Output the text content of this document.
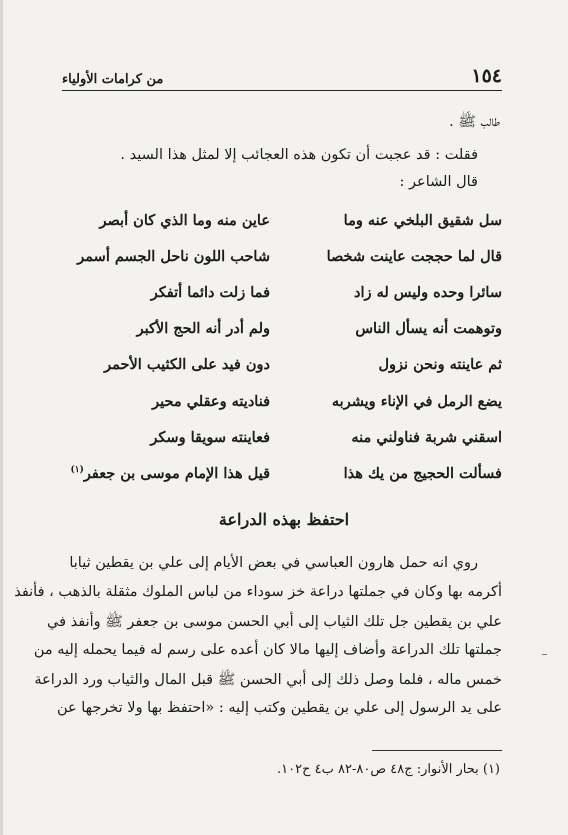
١٥٤
من كرامات الأولياء
طالب ﷺ .
فقلت : قد عجبت أن تكون هذه العجائب إلا لمثل هذا السيد .
قال الشاعر :
سل شقيق البلخي عنه وما
عاين منه وما الذي كان أبصر
قال لما حججت عاينت شخصا
شاحب اللون ناحل الجسم أسمر
سائرا وحده وليس له زاد
فما زلت دائما أتفكر
وتوهمت أنه يسأل الناس
ولم أدر أنه الحج الأكبر
ثم عاينته ونحن نزول
دون فيد على الكثيب الأحمر
يضع الرمل في الإناء ويشربه
فناديته وعقلي محير
اسقني شربة فناولني منه
فعاينته سويقا وسكر
فسألت الحجيج من يك هذا
قيل هذا الإمام موسى بن جعفر$^{(١)}$
احتفظ بهذه الدراعة
روي انه حمل هارون العباسي في بعض الأيام إلى علي بن يقطين ثيابا
أكرمه بها وكان في جملتها دراعة خز سوداء من لباس الملوك مثقلة بالذهب ، فأنفذ
علي بن يقطين جل تلك الثياب إلى أبي الحسن موسى بن جعفر ﷺ وأنفذ في
جملتها تلك الدراعة وأضاف إليها مالا كان أعده على رسم له فيما يحمله إليه من
خمس ماله ، فلما وصل ذلك إلى أبي الحسن ﷺ قبل المال والثياب ورد الدراعة
على يد الرسول إلى علي بن يقطين وكتب إليه : «احتفظ بها ولا تخرجها عن
(١) بحار الأنوار: ج٤٨ ص٨٠-٨٢ ب٤ ح١٠٢.
